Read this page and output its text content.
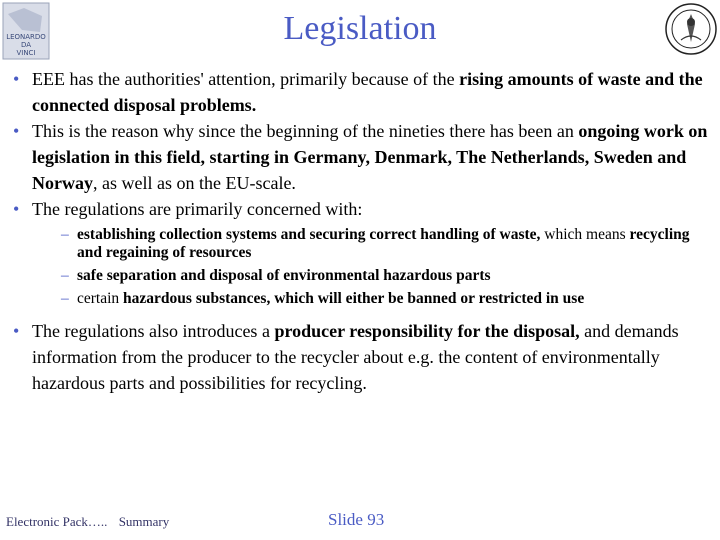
LEONARDO
DA
VINCI
Legislation
• EEE has the authorities' attention, primarily because of the rising amounts of waste and the connected disposal problems.
• This is the reason why since the beginning of the nineties there has been an ongoing work on legislation in this field, starting in Germany, Denmark, The Netherlands, Sweden and Norway, as well as on the EU-scale.
• The regulations are primarily concerned with:
– establishing collection systems and securing correct handling of waste, which means recycling and regaining of resources
– safe separation and disposal of environmental hazardous parts
– certain hazardous substances, which will either be banned or restricted in use
• The regulations also introduces a producer responsibility for the disposal, and demands information from the producer to the recycler about e.g. the content of environmentally hazardous parts and possibilities for recycling.
Electronic Pack….. Summary	Slide 93
